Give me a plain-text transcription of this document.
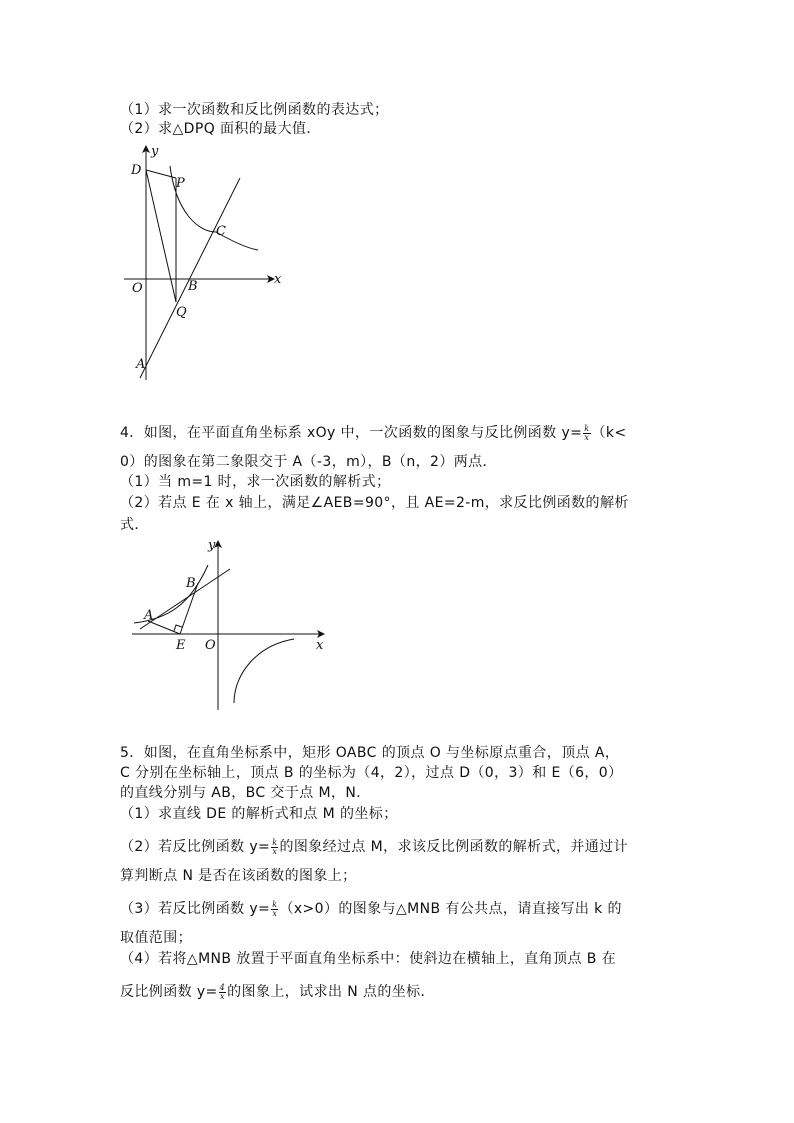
（1）求一次函数和反比例函数的表达式；
（2）求△DPQ 面积的最大值．
y
D
P
C
x
O	B
Q
A
4．如图，在平面直角坐标系 xOy 中，一次函数的图象与反比例函数 $y= \frac{k}{x} (k<$
0）的图象在第二象限交于 A（-3，m），B（n，2）两点．
（1）当 m=1 时，求一次函数的解析式；
（2）若点 E 在 x 轴上，满足∠AEB=90°，且 AE=2-m，求反比例函数的解析
式．
y
B
A
E O	x
5．如图，在直角坐标系中，矩形 OABC 的顶点 O 与坐标原点重合，顶点 A，
C 分别在坐标轴上，顶点 B 的坐标为（4，2），过点 D（0，3）和 E（6，0）
的直线分别与 AB，BC 交于点 M，N．
（1）求直线 DE 的解析式和点 M 的坐标；
（2）若反比例函数 $y= \frac{k}{x}$ 的图象经过点 M，求该反比例函数的解析式，并通过计
算判断点 N 是否在该函数的图象上；
（3）若反比例函数 $y= \frac{k}{x} (x>0)$的图象与△MNB 有公共点，请直接写出 k 的
取值范围；
（4）若将△MNB 放置于平面直角坐标系中：使斜边在横轴上，直角顶点 B 在
反比例函数 $y= \frac{4}{x}$ 的图象上，试求出 N 点的坐标．
